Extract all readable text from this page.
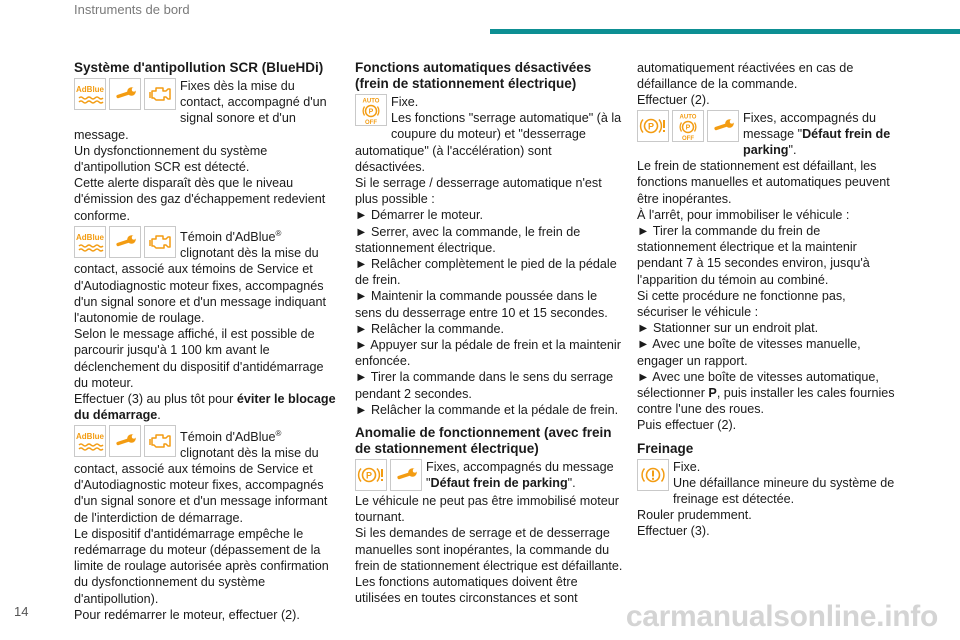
Instruments de bord
Système d'antipollution SCR (BlueHDi)
AdBlue	Fixes dès la mise du contact, accompagné d'un signal sonore et d'un message.

Un dysfonctionnement du système d'antipollution SCR est détecté.

Cette alerte disparaît dès que le niveau d'émission des gaz d'échappement redevient conforme.

AdBlue	Témoin d'AdBlue® clignotant dès la mise du contact, associé aux témoins de Service et d'Autodiagnostic moteur fixes, accompagnés d'un signal sonore et d'un message indiquant l'autonomie de roulage.

Selon le message affiché, il est possible de parcourir jusqu'à 1 100 km avant le déclenchement du dispositif d'antidémarrage du moteur.

Effectuer (3) au plus tôt pour éviter le blocage du démarrage.

AdBlue	Témoin d'AdBlue® clignotant dès la mise du contact, associé aux témoins de Service et d'Autodiagnostic moteur fixes, accompagnés d'un signal sonore et d'un message informant de l'interdiction de démarrage.

Le dispositif d'antidémarrage empêche le redémarrage du moteur (dépassement de la limite de roulage autorisée après confirmation du dysfonctionnement du système d'antipollution).

Pour redémarrer le moteur, effectuer (2).

Fonctions automatiques désactivées (frein de stationnement électrique)
AUTO
P
OFF
Fixe.
Les fonctions "serrage automatique" (à la coupure du moteur) et "desserrage automatique" (à l'accélération) sont désactivées.

Si le serrage / desserrage automatique n'est plus possible :

► Démarrer le moteur.

► Serrer, avec la commande, le frein de stationnement électrique.

► Relâcher complètement le pied de la pédale de frein.

► Maintenir la commande poussée dans le sens du desserrage entre 10 et 15 secondes.

► Relâcher la commande.

► Appuyer sur la pédale de frein et la maintenir enfoncée.

► Tirer la commande dans le sens du serrage pendant 2 secondes.

► Relâcher la commande et la pédale de frein.

Anomalie de fonctionnement (avec frein de stationnement électrique)
P
Fixes, accompagnés du message "Défaut frein de parking".

Le véhicule ne peut pas être immobilisé moteur tournant.

Si les demandes de serrage et de desserrage manuelles sont inopérantes, la commande du frein de stationnement électrique est défaillante.

Les fonctions automatiques doivent être utilisées en toutes circonstances et sont

automatiquement réactivées en cas de défaillance de la commande.

Effectuer (2).

P
AUTO
P
OFF
Fixes, accompagnés du message "Défaut frein de parking".

Le frein de stationnement est défaillant, les fonctions manuelles et automatiques peuvent être inopérantes.

À l'arrêt, pour immobiliser le véhicule :

► Tirer la commande du frein de stationnement électrique et la maintenir pendant 7 à 15 secondes environ, jusqu'à l'apparition du témoin au combiné.

Si cette procédure ne fonctionne pas, sécuriser le véhicule :

► Stationner sur un endroit plat.

► Avec une boîte de vitesses manuelle, engager un rapport.

► Avec une boîte de vitesses automatique, sélectionner P, puis installer les cales fournies contre l'une des roues.

Puis effectuer (2).

Freinage
Fixe.
Une défaillance mineure du système de freinage est détectée.

Rouler prudemment.

Effectuer (3).

14	carmanualsonline.info
